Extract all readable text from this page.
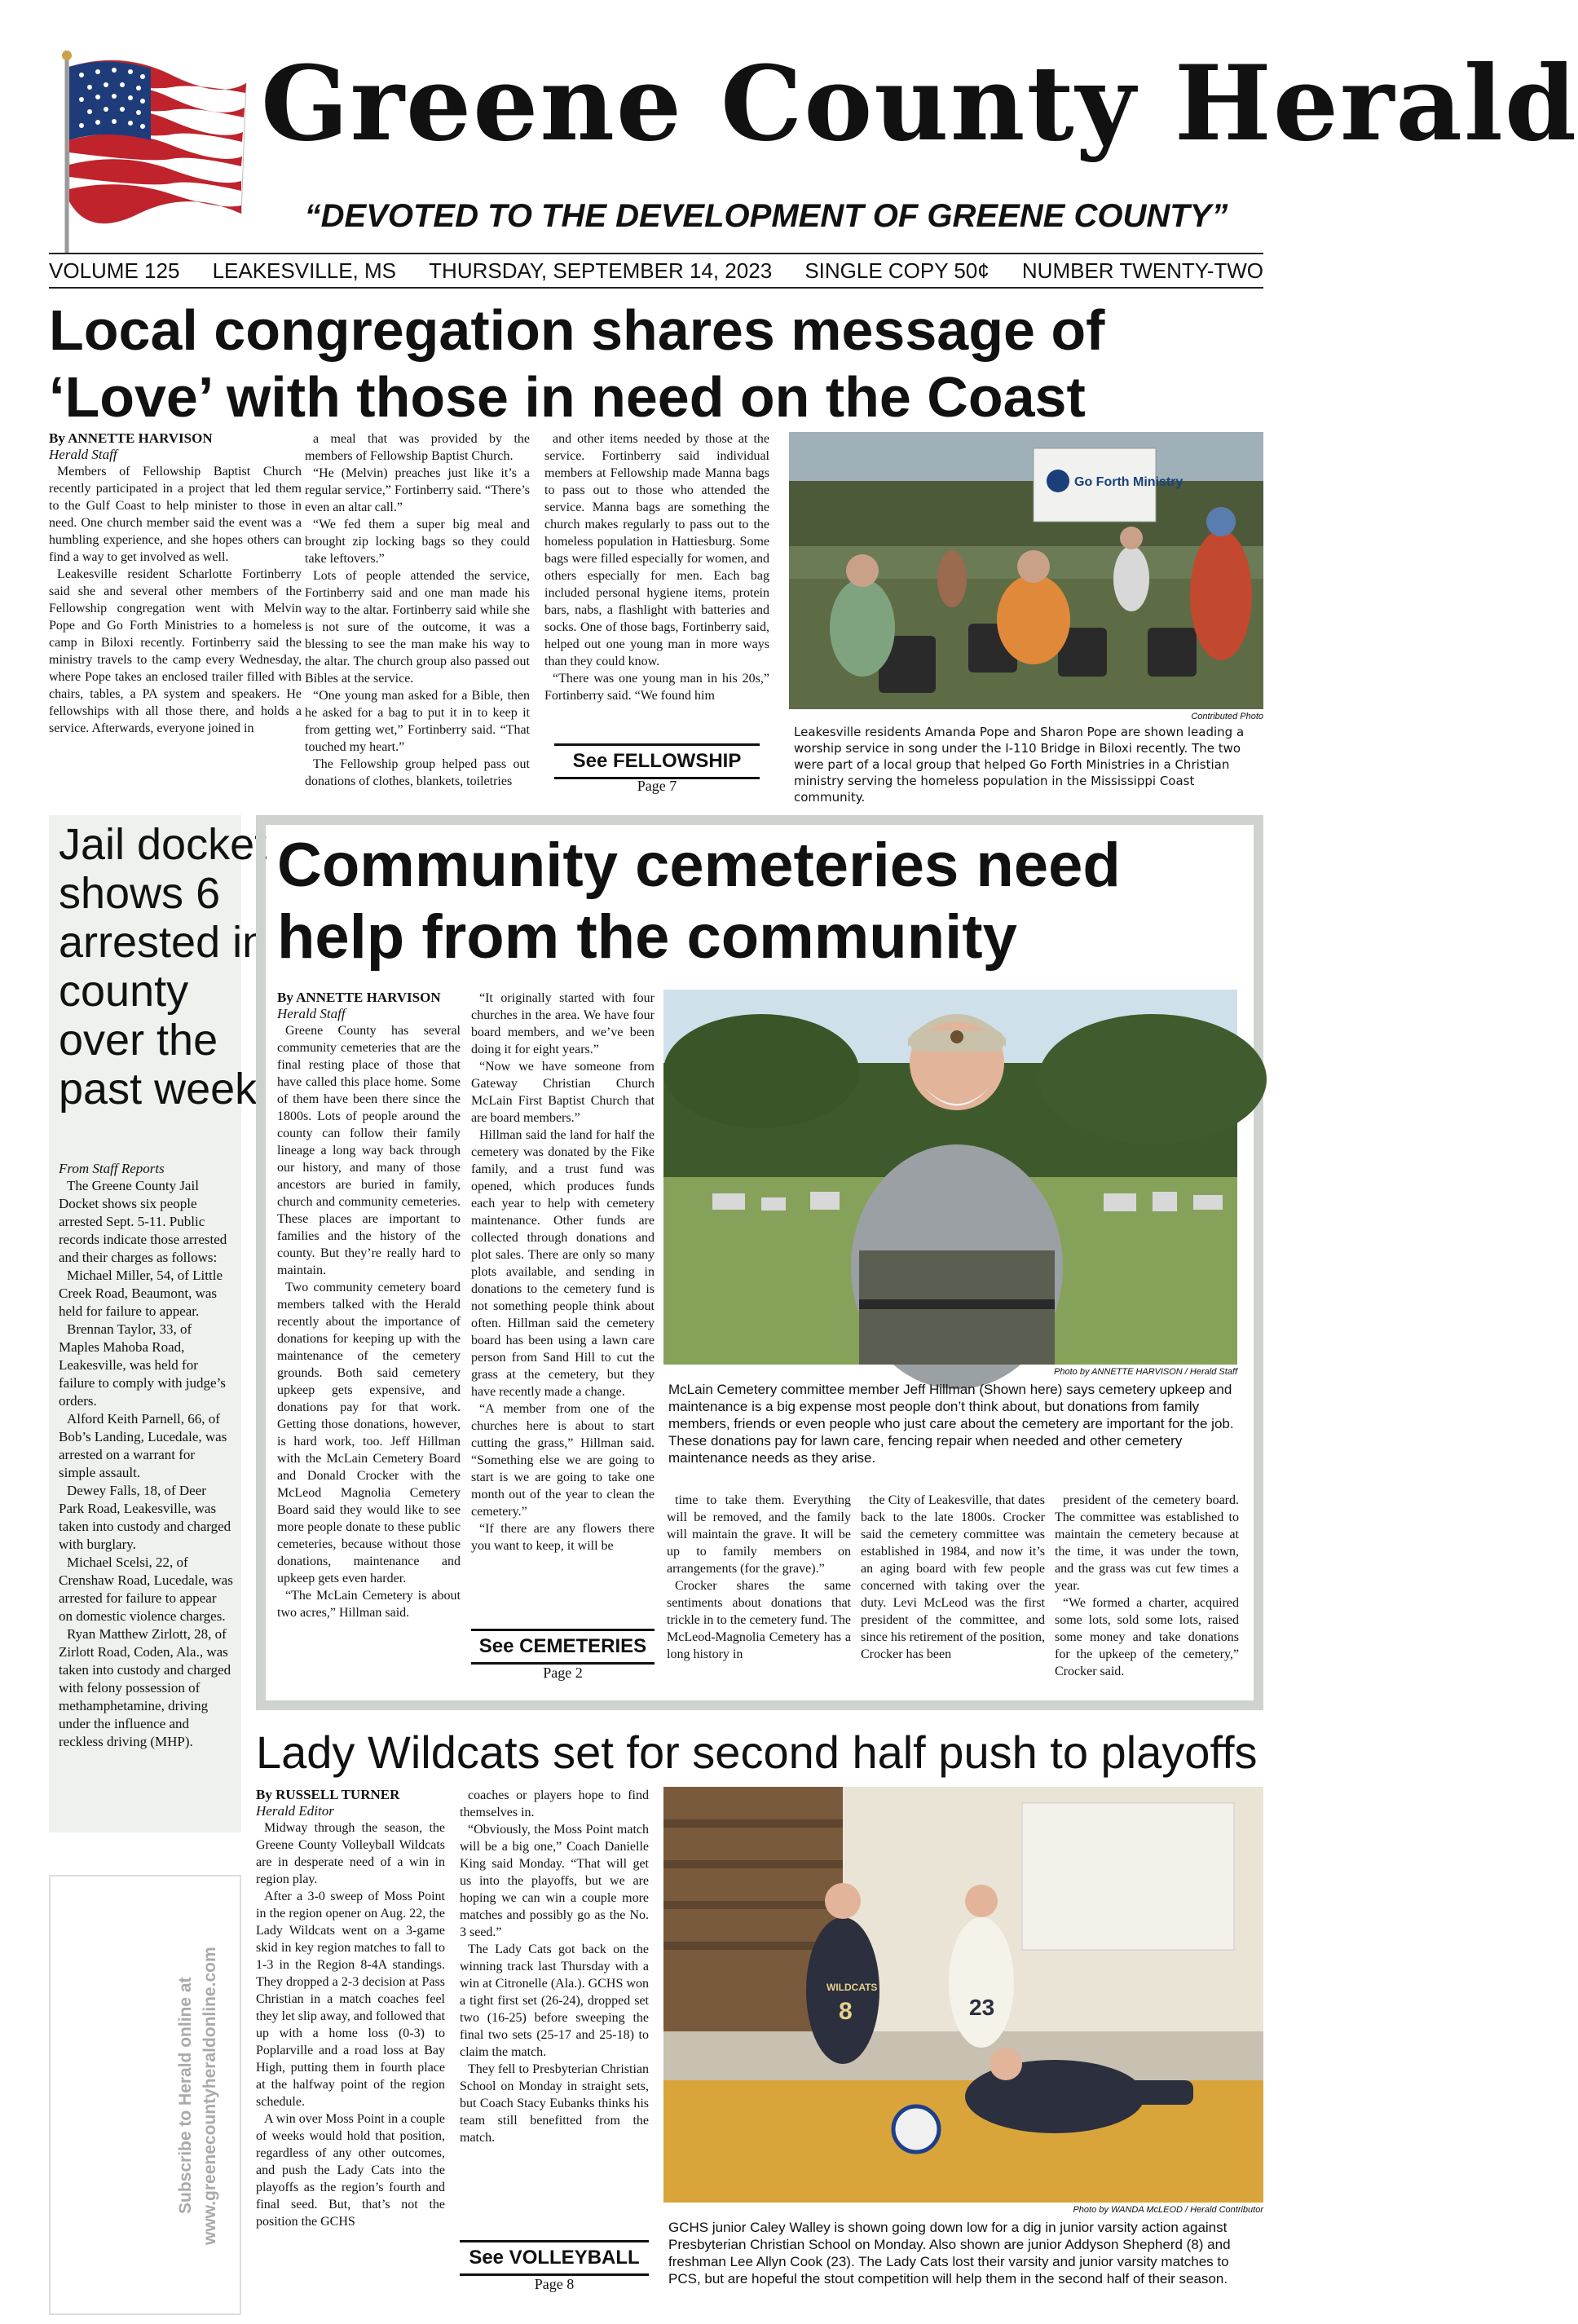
Greene County Herald
“DEVOTED TO THE DEVELOPMENT OF GREENE COUNTY”
VOLUME 125 LEAKESVILLE, MS THURSDAY, SEPTEMBER 14, 2023 SINGLE COPY 50¢ NUMBER TWENTY-TWO
Local congregation shares message of ‘Love’ with those in need on the Coast
By ANNETTE HARVISON
Herald Staff

Members of Fellowship Baptist Church recently participated in a project that led them to the Gulf Coast to help minister to those in need. One church member said the event was a humbling experience, and she hopes others can find a way to get involved as well.

Leakesville resident Scharlotte Fortinberry said she and several other members of the Fellowship congregation went with Melvin Pope and Go Forth Ministries to a homeless camp in Biloxi recently. Fortinberry said the ministry travels to the camp every Wednesday, where Pope takes an enclosed trailer filled with chairs, tables, a PA system and speakers. He fellowships with all those there, and holds a service. Afterwards, everyone joined in

a meal that was provided by the members of Fellowship Baptist Church.

“He (Melvin) preaches just like it’s a regular service,” Fortinberry said. “There’s even an altar call.”

“We fed them a super big meal and brought zip locking bags so they could take leftovers.”

Lots of people attended the service, Fortinberry said and one man made his way to the altar. Fortinberry said while she is not sure of the outcome, it was a blessing to see the man make his way to the altar. The church group also passed out Bibles at the service.

“One young man asked for a Bible, then he asked for a bag to put it in to keep it from getting wet,” Fortinberry said. “That touched my heart.”

The Fellowship group helped pass out donations of clothes, blankets, toiletries

and other items needed by those at the service. Fortinberry said individual members at Fellowship made Manna bags to pass out to those who attended the service. Manna bags are something the church makes regularly to pass out to the homeless population in Hattiesburg. Some bags were filled especially for women, and others especially for men. Each bag included personal hygiene items, protein bars, nabs, a flashlight with batteries and socks. One of those bags, Fortinberry said, helped out one young man in more ways than they could know.

“There was one young man in his 20s,” Fortinberry said. “We found him

See FELLOWSHIP
Page 7
Go Forth Ministry
Contributed Photo
Leakesville residents Amanda Pope and Sharon Pope are shown leading a worship service in song under the I-110 Bridge in Biloxi recently. The two were part of a local group that helped Go Forth Ministries in a Christian ministry serving the homeless population in the Mississippi Coast community.
Jail docket
shows 6
arrested in
county
over the
past week
From Staff Reports

The Greene County Jail Docket shows six people arrested Sept. 5-11. Public records indicate those arrested and their charges as follows:

Michael Miller, 54, of Little Creek Road, Beaumont, was held for failure to appear.

Brennan Taylor, 33, of Maples Mahoba Road, Leakesville, was held for failure to comply with judge’s orders.

Alford Keith Parnell, 66, of Bob’s Landing, Lucedale, was arrested on a warrant for simple assault.

Dewey Falls, 18, of Deer Park Road, Leakesville, was taken into custody and charged with burglary.

Michael Scelsi, 22, of Crenshaw Road, Lucedale, was arrested for failure to appear on domestic violence charges.

Ryan Matthew Zirlott, 28, of Zirlott Road, Coden, Ala., was taken into custody and charged with felony possession of methamphetamine, driving under the influence and reckless driving (MHP).

Subscribe to Herald online at www.greenecountyheraldonline.com
Community cemeteries need
help from the community
By ANNETTE HARVISON
Herald Staff

Greene County has several community cemeteries that are the final resting place of those that have called this place home. Some of them have been there since the 1800s. Lots of people around the county can follow their family lineage a long way back through our history, and many of those ancestors are buried in family, church and community cemeteries. These places are important to families and the history of the county. But they’re really hard to maintain.

Two community cemetery board members talked with the Herald recently about the importance of donations for keeping up with the maintenance of the cemetery grounds. Both said cemetery upkeep gets expensive, and donations pay for that work. Getting those donations, however, is hard work, too. Jeff Hillman with the McLain Cemetery Board and Donald Crocker with the McLeod Magnolia Cemetery Board said they would like to see more people donate to these public cemeteries, because without those donations, maintenance and upkeep gets even harder.

“The McLain Cemetery is about two acres,” Hillman said.

“It originally started with four churches in the area. We have four board members, and we’ve been doing it for eight years.”

“Now we have someone from Gateway Christian Church McLain First Baptist Church that are board members.”

Hillman said the land for half the cemetery was donated by the Fike family, and a trust fund was opened, which produces funds each year to help with cemetery maintenance. Other funds are collected through donations and plot sales. There are only so many plots available, and sending in donations to the cemetery fund is not something people think about often. Hillman said the cemetery board has been using a lawn care person from Sand Hill to cut the grass at the cemetery, but they have recently made a change.

“A member from one of the churches here is about to start cutting the grass,” Hillman said. “Something else we are going to start is we are going to take one month out of the year to clean the cemetery.”

“If there are any flowers there you want to keep, it will be

See CEMETERIES
Page 2
Photo by ANNETTE HARVISON / Herald Staff
McLain Cemetery committee member Jeff Hillman (Shown here) says cemetery upkeep and maintenance is a big expense most people don’t think about, but donations from family members, friends or even people who just care about the cemetery are important for the job. These donations pay for lawn care, fencing repair when needed and other cemetery maintenance needs as they arise.

time to take them. Everything will be removed, and the family will maintain the grave. It will be up to family members on arrangements (for the grave).”

Crocker shares the same sentiments about donations that trickle in to the cemetery fund. The McLeod-Magnolia Cemetery has a long history in

the City of Leakesville, that dates back to the late 1800s. Crocker said the cemetery committee was established in 1984, and now it’s an aging board with few people concerned with taking over the duty. Levi McLeod was the first president of the committee, and since his retirement of the position, Crocker has been

president of the cemetery board. The committee was established to maintain the cemetery because at the time, it was under the town, and the grass was cut few times a year.

“We formed a charter, acquired some lots, sold some lots, raised some money and take donations for the upkeep of the cemetery,” Crocker said.

Lady Wildcats set for second half push to playoffs
By RUSSELL TURNER
Herald Editor

Midway through the season, the Greene County Volleyball Wildcats are in desperate need of a win in region play.

After a 3-0 sweep of Moss Point in the region opener on Aug. 22, the Lady Wildcats went on a 3-game skid in key region matches to fall to 1-3 in the Region 8-4A standings. They dropped a 2-3 decision at Pass Christian in a match coaches feel they let slip away, and followed that up with a home loss (0-3) to Poplarville and a road loss at Bay High, putting them in fourth place at the halfway point of the region schedule.

A win over Moss Point in a couple of weeks would hold that position, regardless of any other outcomes, and push the Lady Cats into the playoffs as the region’s fourth and final seed. But, that’s not the position the GCHS

coaches or players hope to find themselves in.

“Obviously, the Moss Point match will be a big one,” Coach Danielle King said Monday. “That will get us into the playoffs, but we are hoping we can win a couple more matches and possibly go as the No. 3 seed.”

The Lady Cats got back on the winning track last Thursday with a win at Citronelle (Ala.). GCHS won a tight first set (26-24), dropped set two (16-25) before sweeping the final two sets (25-17 and 25-18) to claim the match.

They fell to Presbyterian Christian School on Monday in straight sets, but Coach Stacy Eubanks thinks his team still benefitted from the match.

See VOLLEYBALL
Page 8
WILDCATS
8	23
Photo by WANDA McLEOD / Herald Contributor
GCHS junior Caley Walley is shown going down low for a dig in junior varsity action against Presbyterian Christian School on Monday. Also shown are junior Addyson Shepherd (8) and freshman Lee Allyn Cook (23). The Lady Cats lost their varsity and junior varsity matches to PCS, but are hopeful the stout competition will help them in the second half of their season.
